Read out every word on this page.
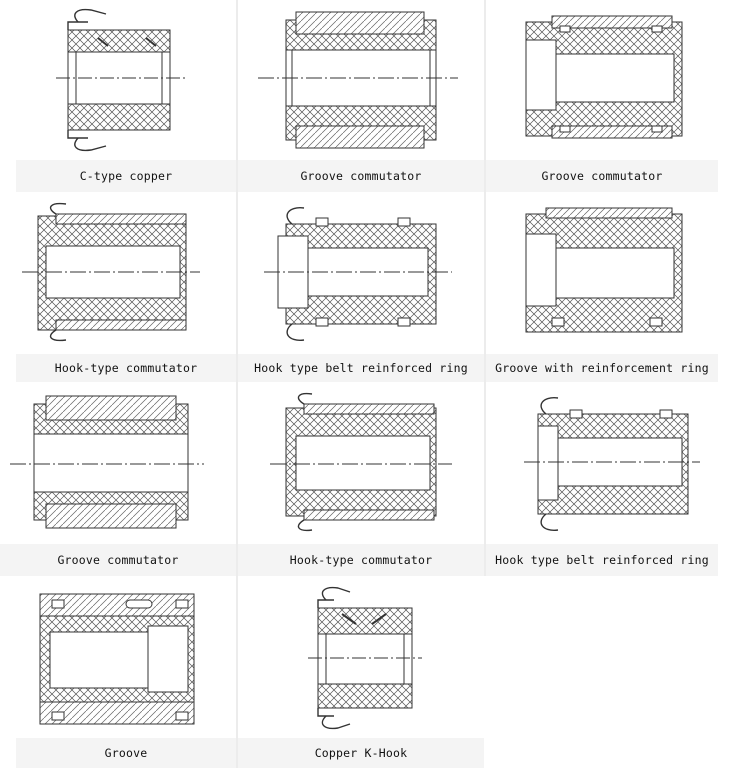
C-type copper	Groove commutator	Groove commutator
Hook-type commutator	Hook type belt reinforced ring	Groove with reinforcement ring
Groove commutator	Hook-type commutator	Hook type belt reinforced ring
Groove	Copper K-Hook
